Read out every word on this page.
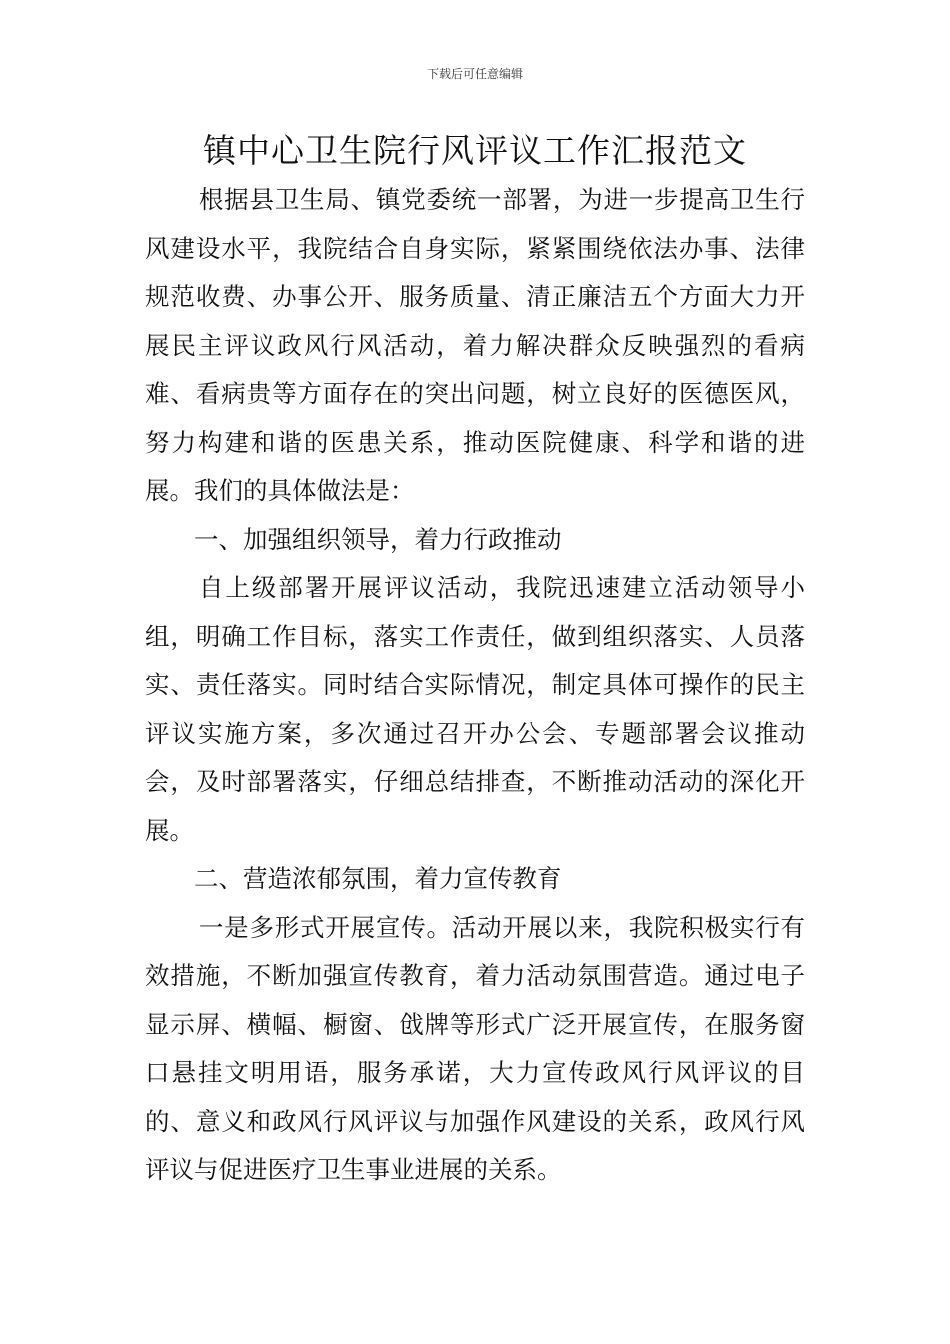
下载后可任意编辑
镇中心卫生院行风评议工作汇报范文

根据县卫生局、镇党委统一部署，为进一步提高卫生行风建设水平，我院结合自身实际，紧紧围绕依法办事、法律规范收费、办事公开、服务质量、清正廉洁五个方面大力开展民主评议政风行风活动，着力解决群众反映强烈的看病难、看病贵等方面存在的突出问题，树立良好的医德医风，努力构建和谐的医患关系，推动医院健康、科学和谐的进展。我们的具体做法是：

一、加强组织领导，着力行政推动

自上级部署开展评议活动，我院迅速建立活动领导小组，明确工作目标，落实工作责任，做到组织落实、人员落实、责任落实。同时结合实际情况，制定具体可操作的民主评议实施方案，多次通过召开办公会、专题部署会议推动会，及时部署落实，仔细总结排查，不断推动活动的深化开展。

二、营造浓郁氛围，着力宣传教育

一是多形式开展宣传。活动开展以来，我院积极实行有效措施，不断加强宣传教育，着力活动氛围营造。通过电子显示屏、横幅、橱窗、戗牌等形式广泛开展宣传，在服务窗口悬挂文明用语，服务承诺，大力宣传政风行风评议的目的、意义和政风行风评议与加强作风建设的关系，政风行风评议与促进医疗卫生事业进展的关系。
